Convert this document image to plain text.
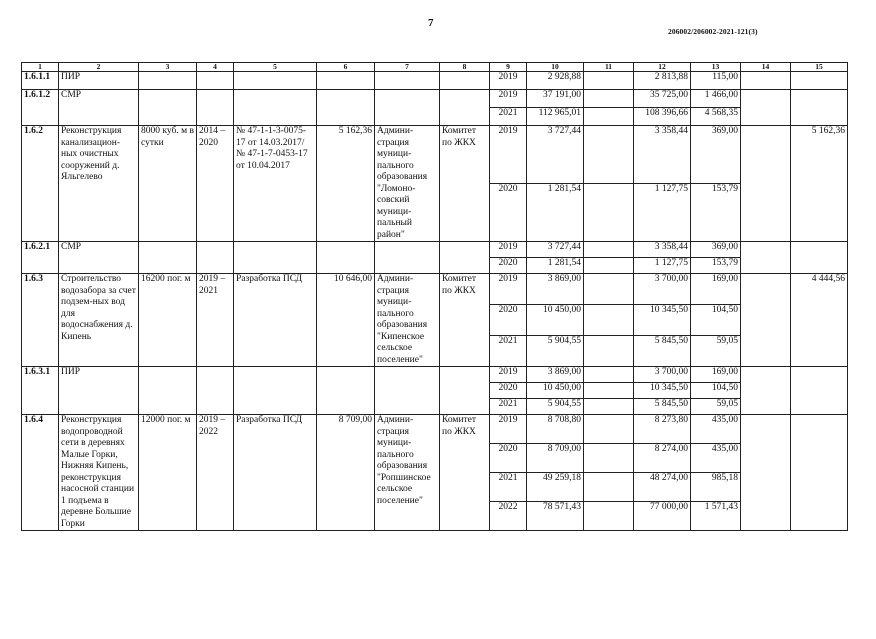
7
206002/206002-2021-121(3)
1	2	3	4	5	6	7	8	9	10	11	12	13	14	15
1.6.1.1	ПИР							2019	2 928,88		2 813,88	115,00		
1.6.1.2	СМР							2019	37 191,00		35 725,00	1 466,00		
								2021	112 965,01		108 396,66	4 568,35		
1.6.2	Реконструкция канализацион-ных очистных сооружений д. Яльгелево	8000 куб. м в сутки	2014 – 2020	№ 47-1-1-3-0075-17 от 14.03.2017/ № 47-1-7-0453-17 от 10.04.2017	5 162,36	Админи-страция муници-пального образования "Ломоно-совский муници-пальный район"	Комитет по ЖКХ	2019	3 727,44		3 358,44	369,00		5 162,36
								2020	1 281,54		1 127,75	153,79		
1.6.2.1	СМР							2019	3 727,44		3 358,44	369,00		
								2020	1 281,54		1 127,75	153,79		
1.6.3	Строительство водозабора за счет подзем-ных вод для водоснабжения д. Кипень	16200 пог. м	2019 – 2021	Разработка ПСД	10 646,00	Админи-страция муници-пального образования "Кипенское сельское поселение"	Комитет по ЖКХ	2019	3 869,00		3 700,00	169,00		4 444,56
								2020	10 450,00		10 345,50	104,50		
								2021	5 904,55		5 845,50	59,05		
1.6.3.1	ПИР							2019	3 869,00		3 700,00	169,00		
								2020	10 450,00		10 345,50	104,50		
								2021	5 904,55		5 845,50	59,05		
1.6.4	Реконструкция водопроводной сети в деревнях Малые Горки, Нижняя Кипень, реконструкция насосной станции 1 подъема в деревне Большие Горки	12000 пог. м	2019 – 2022	Разработка ПСД	8 709,00	Админи-страция муници-пального образования "Ропшинское сельское поселение"	Комитет по ЖКХ	2019	8 708,80		8 273,80	435,00		
								2020	8 709,00		8 274,00	435,00		
								2021	49 259,18		48 274,00	985,18		
								2022	78 571,43		77 000,00	1 571,43		
